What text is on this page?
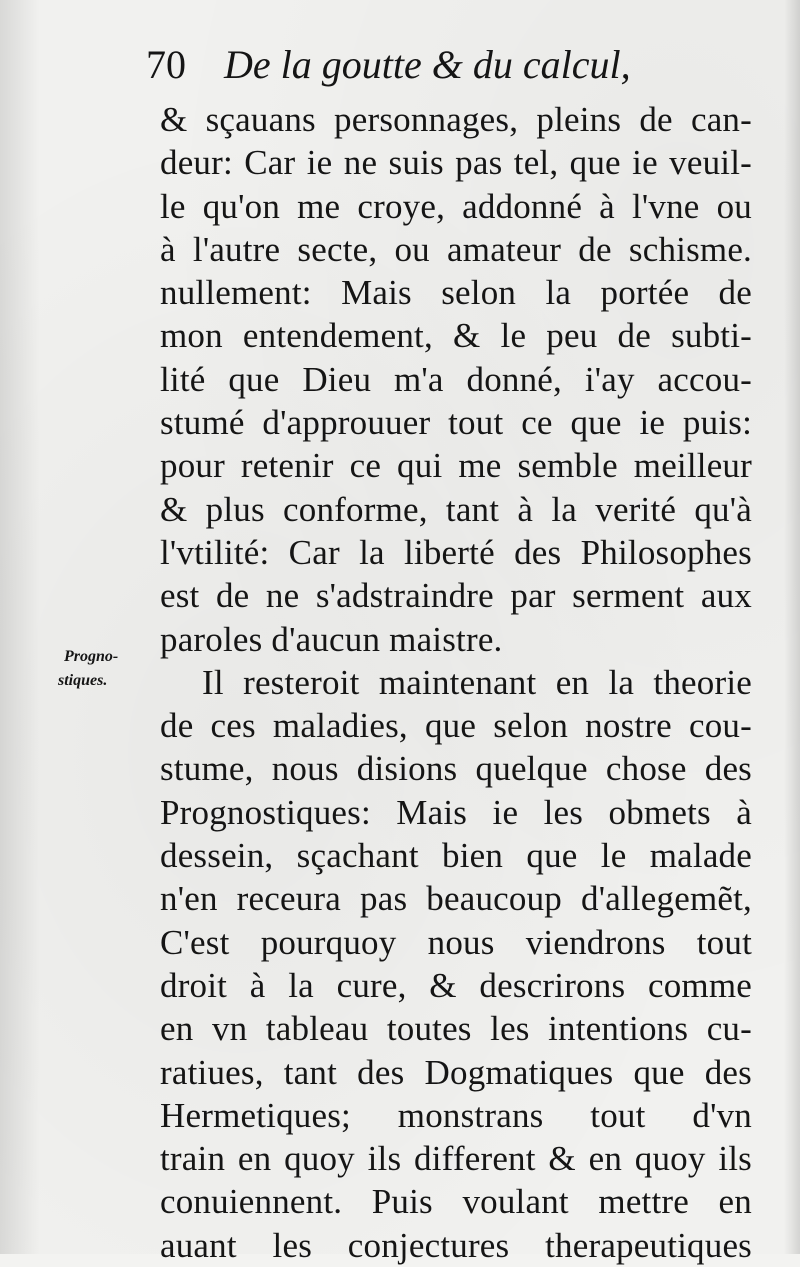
70 De la goutte & du calcul,
Progno-
stiques.
& sçauans personnages, pleins de can-
deur: Car ie ne suis pas tel, que ie veuil-
le qu'on me croye, addonné à l'vne ou
à l'autre secte, ou amateur de schisme.
nullement: Mais selon la portée de
mon entendement, & le peu de subti-
lité que Dieu m'a donné, i'ay accou-
stumé d'approuuer tout ce que ie puis:
pour retenir ce qui me semble meilleur
& plus conforme, tant à la verité qu'à
l'vtilité: Car la liberté des Philosophes
est de ne s'adstraindre par serment aux
paroles d'aucun maistre.
Il resteroit maintenant en la theorie
de ces maladies, que selon nostre cou-
stume, nous disions quelque chose des
Prognostiques: Mais ie les obmets à
dessein, sçachant bien que le malade
n'en receura pas beaucoup d'allegemẽt,
C'est pourquoy nous viendrons tout
droit à la cure, & descrirons comme
en vn tableau toutes les intentions cu-
ratiues, tant des Dogmatiques que des
Hermetiques; monstrans tout d'vn
train en quoy ils different & en quoy ils
conuiennent. Puis voulant mettre en
auant les conjectures therapeutiques
